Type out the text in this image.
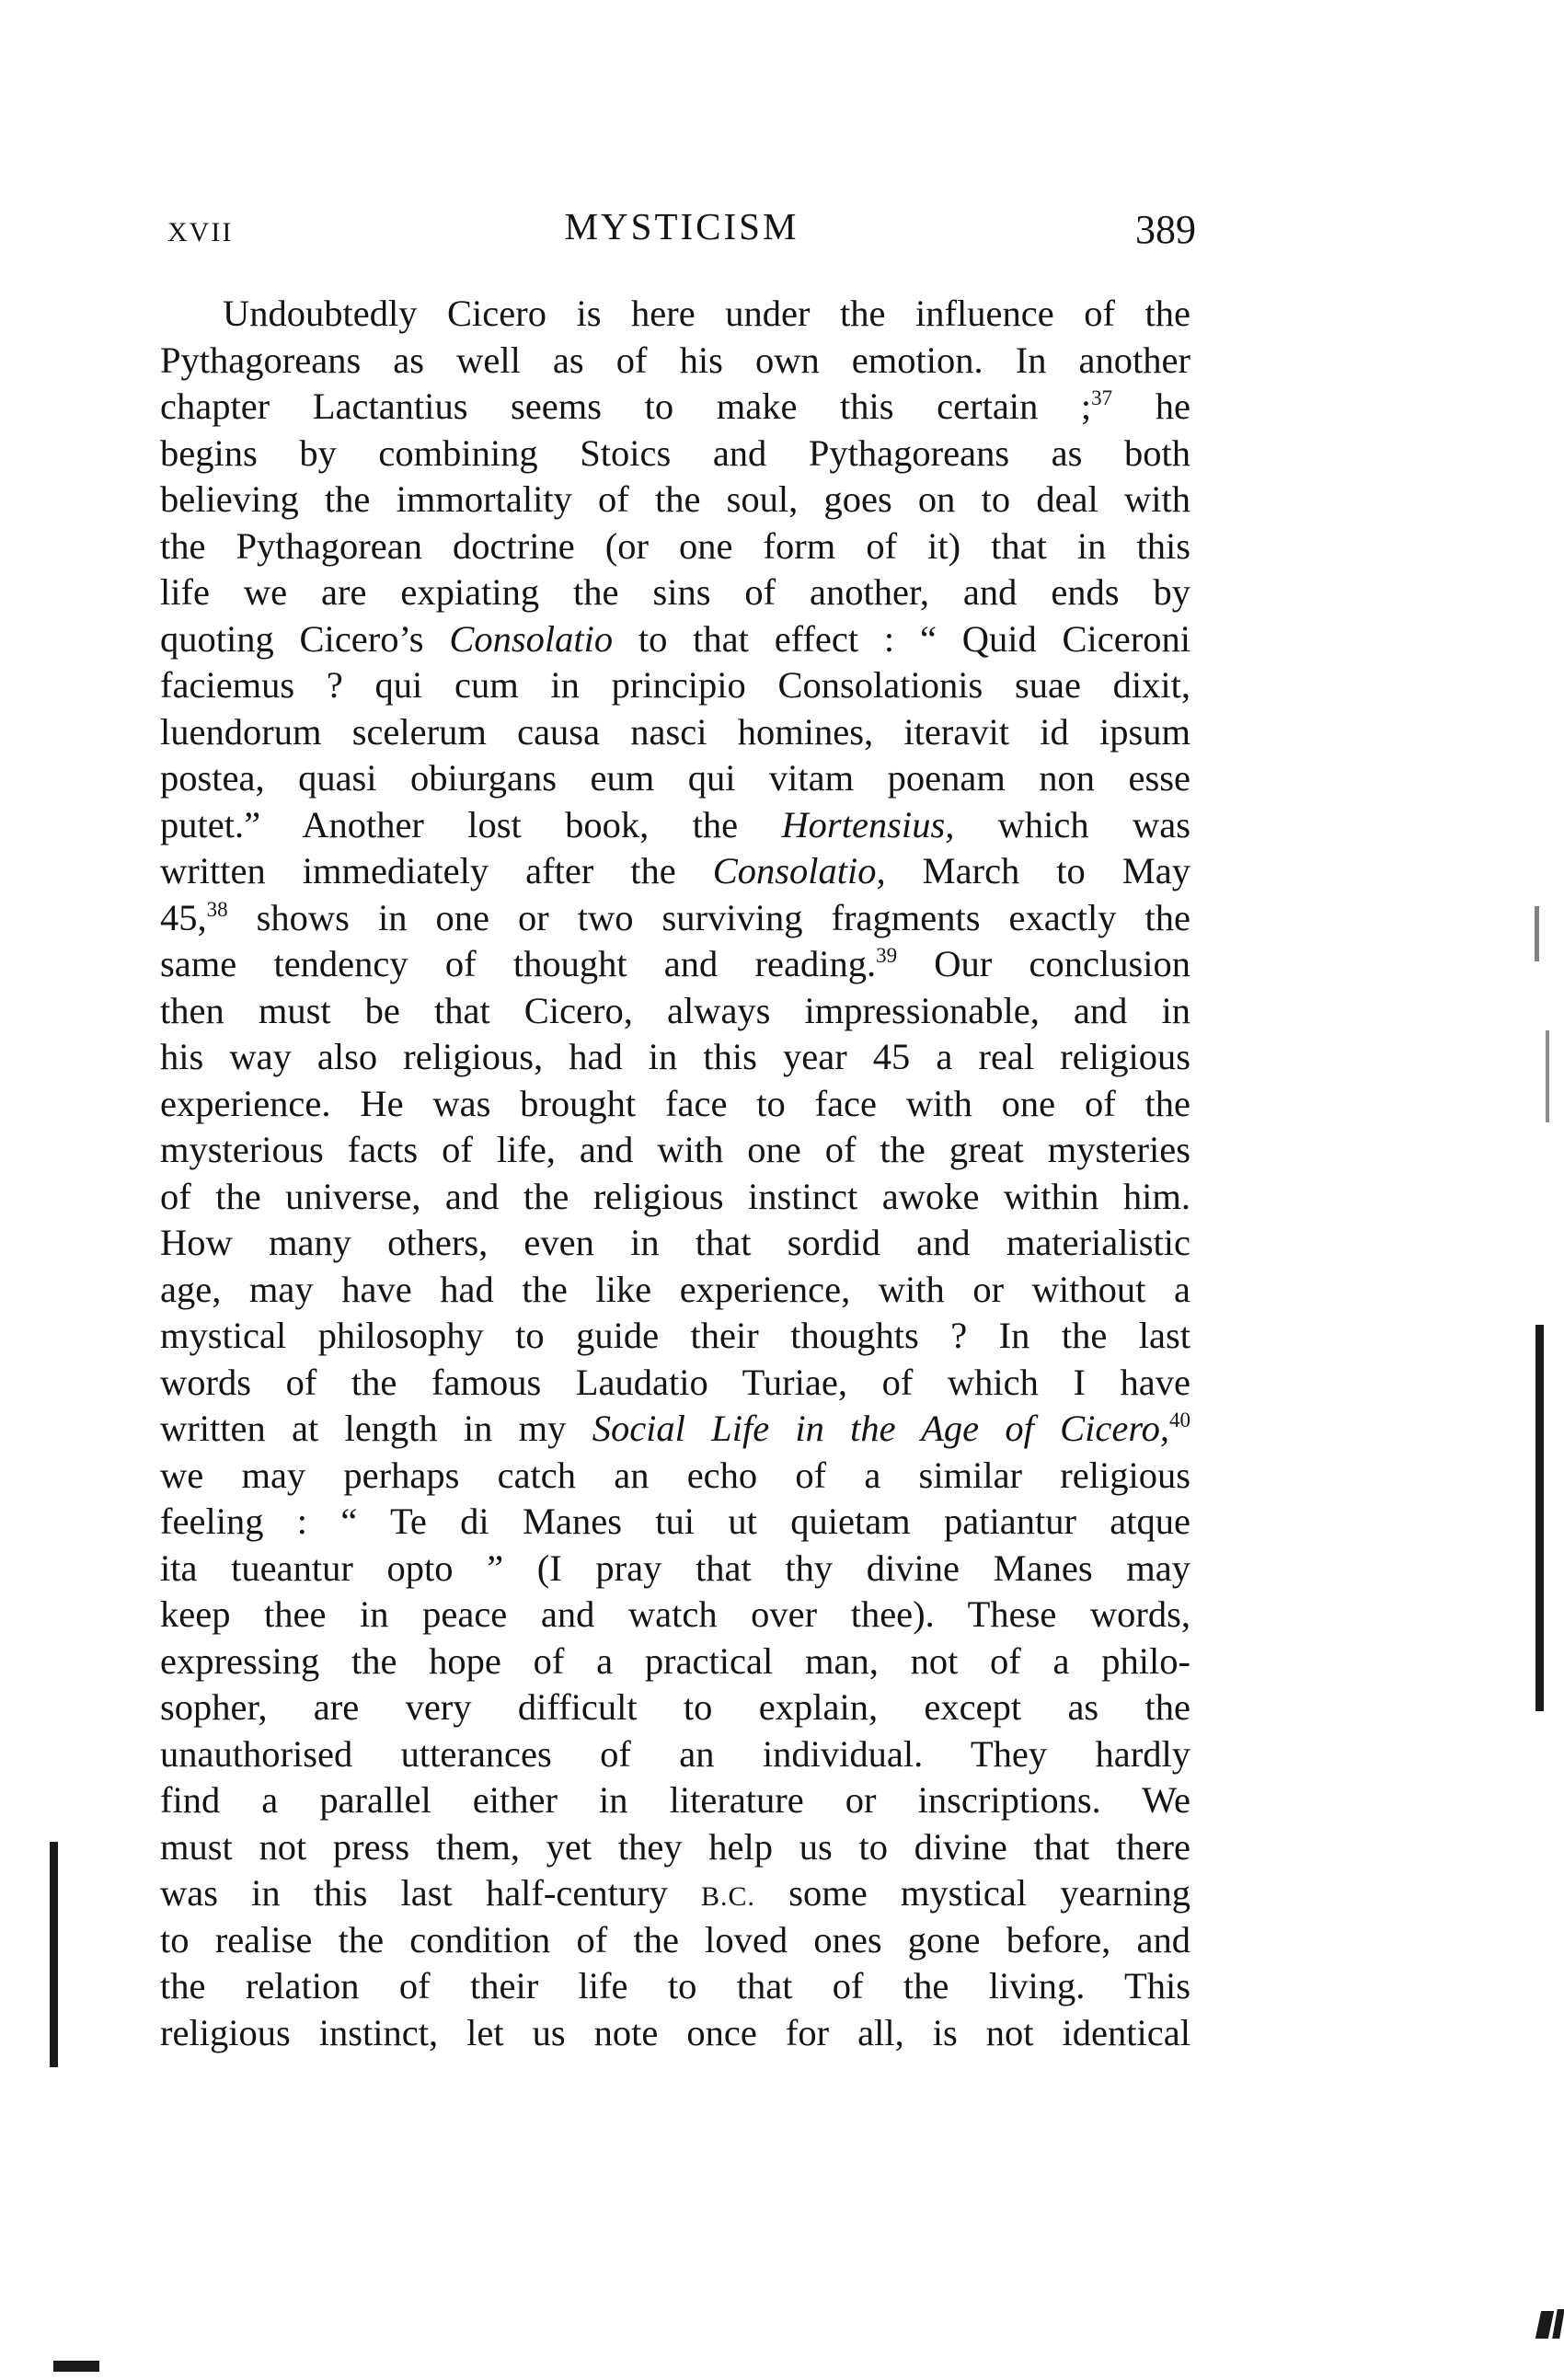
XVII	MYSTICISM	389
Undoubtedly Cicero is here under the influence of the
Pythagoreans as well as of his own emotion. In another
chapter Lactantius seems to make this certain ;$^{37}$ he
begins by combining Stoics and Pythagoreans as both
believing the immortality of the soul, goes on to deal with
the Pythagorean doctrine (or one form of it) that in this
life we are expiating the sins of another, and ends by
quoting Cicero’s Consolatio to that effect : “ Quid Ciceroni
faciemus ? qui cum in principio Consolationis suae dixit,
luendorum scelerum causa nasci homines, iteravit id ipsum
postea, quasi obiurgans eum qui vitam poenam non esse
putet.” Another lost book, the Hortensius, which was
written immediately after the Consolatio, March to May
45,38 shows in one or two surviving fragments exactly the
same tendency of thought and reading.$^{39}$ Our conclusion
then must be that Cicero, always impressionable, and in
his way also religious, had in this year 45 a real religious
experience. He was brought face to face with one of the
mysterious facts of life, and with one of the great mysteries
of the universe, and the religious instinct awoke within him.
How many others, even in that sordid and materialistic
age, may have had the like experience, with or without a
mystical philosophy to guide their thoughts ? In the last
words of the famous Laudatio Turiae, of which I have
written at length in my Social Life in the Age of Cicero,$^{40}$
we may perhaps catch an echo of a similar religious
feeling : “ Te di Manes tui ut quietam patiantur atque
ita tueantur opto ” (I pray that thy divine Manes may
keep thee in peace and watch over thee). These words,
expressing the hope of a practical man, not of a philo-
sopher, are very difficult to explain, except as the
unauthorised utterances of an individual. They hardly
find a parallel either in literature or inscriptions. We
must not press them, yet they help us to divine that there
was in this last half-century B.C. some mystical yearning
to realise the condition of the loved ones gone before, and
the relation of their life to that of the living. This
religious instinct, let us note once for all, is not identical
